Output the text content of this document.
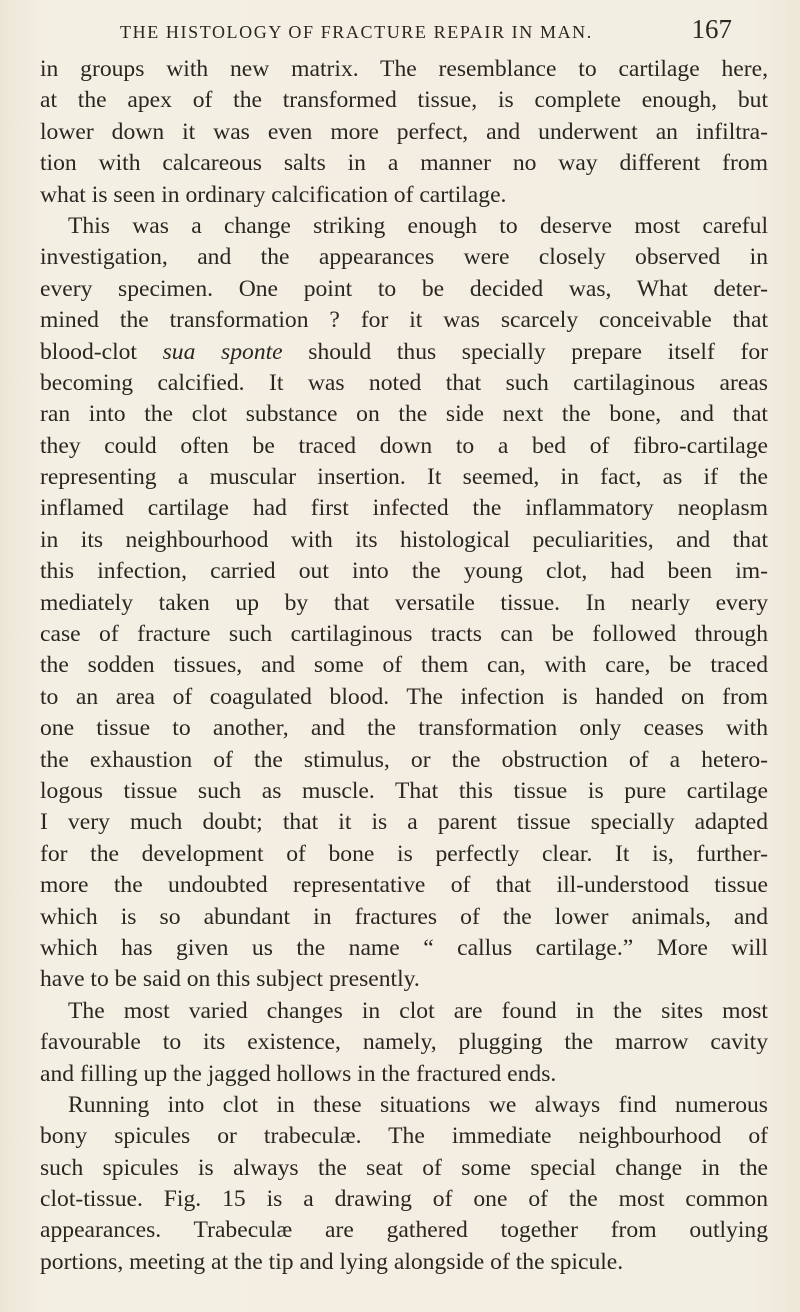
THE HISTOLOGY OF FRACTURE REPAIR IN MAN.	167
in groups with new matrix. The resemblance to cartilage here,
at the apex of the transformed tissue, is complete enough, but
lower down it was even more perfect, and underwent an infiltra-
tion with calcareous salts in a manner no way different from
what is seen in ordinary calcification of cartilage.
This was a change striking enough to deserve most careful
investigation, and the appearances were closely observed in
every specimen. One point to be decided was, What deter-
mined the transformation ? for it was scarcely conceivable that
blood-clot sua sponte should thus specially prepare itself for
becoming calcified. It was noted that such cartilaginous areas
ran into the clot substance on the side next the bone, and that
they could often be traced down to a bed of fibro-cartilage
representing a muscular insertion. It seemed, in fact, as if the
inflamed cartilage had first infected the inflammatory neoplasm
in its neighbourhood with its histological peculiarities, and that
this infection, carried out into the young clot, had been im-
mediately taken up by that versatile tissue. In nearly every
case of fracture such cartilaginous tracts can be followed through
the sodden tissues, and some of them can, with care, be traced
to an area of coagulated blood. The infection is handed on from
one tissue to another, and the transformation only ceases with
the exhaustion of the stimulus, or the obstruction of a hetero-
logous tissue such as muscle. That this tissue is pure cartilage
I very much doubt; that it is a parent tissue specially adapted
for the development of bone is perfectly clear. It is, further-
more the undoubted representative of that ill-understood tissue
which is so abundant in fractures of the lower animals, and
which has given us the name “ callus cartilage.” More will
have to be said on this subject presently.
The most varied changes in clot are found in the sites most
favourable to its existence, namely, plugging the marrow cavity
and filling up the jagged hollows in the fractured ends.
Running into clot in these situations we always find numerous
bony spicules or trabeculæ. The immediate neighbourhood of
such spicules is always the seat of some special change in the
clot-tissue. Fig. 15 is a drawing of one of the most common
appearances. Trabeculæ are gathered together from outlying
portions, meeting at the tip and lying alongside of the spicule.
